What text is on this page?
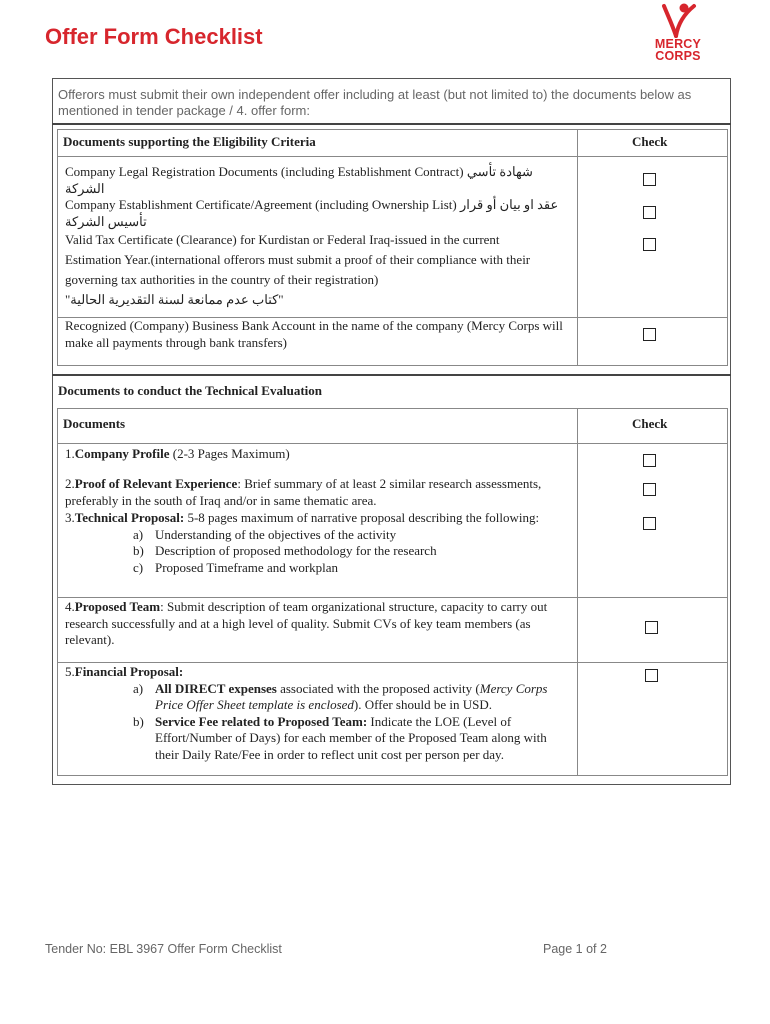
Offer Form Checklist	MERCY
CORPS
Offerors must submit their own independent offer including at least (but not limited to) the documents below as mentioned in tender package / 4. offer form:
Documents supporting the Eligibility Criteria	Check
Company Legal Registration Documents (including Establishment Contract) شهادة تأسي الشركة
Company Establishment Certificate/Agreement (including Ownership List) عقد او بيان أو قرار تأسيس الشركة
Valid Tax Certificate (Clearance) for Kurdistan or Federal Iraq-issued in the current
Estimation Year.(international offerors must submit a proof of their compliance with their
governing tax authorities in the country of their registration)
"كتاب عدم ممانعة لسنة التقديرية الحالية"
Recognized (Company) Business Bank Account in the name of the company (Mercy Corps will make all payments through bank transfers)
Documents to conduct the Technical Evaluation
Documents	Check
1.Company Profile (2-3 Pages Maximum)
2.Proof of Relevant Experience: Brief summary of at least 2 similar research assessments, preferably in the south of Iraq and/or in same thematic area.
3.Technical Proposal: 5-8 pages maximum of narrative proposal describing the following:
a) Understanding of the objectives of the activity
b) Description of proposed methodology for the research
c) Proposed Timeframe and workplan
4.Proposed Team: Submit description of team organizational structure, capacity to carry out research successfully and at a high level of quality. Submit CVs of key team members (as relevant).
5.Financial Proposal:
a) All DIRECT expenses associated with the proposed activity (Mercy Corps Price Offer Sheet template is enclosed). Offer should be in USD.
b) Service Fee related to Proposed Team: Indicate the LOE (Level of Effort/Number of Days) for each member of the Proposed Team along with their Daily Rate/Fee in order to reflect unit cost per person per day.
Tender No: EBL 3967 Offer Form Checklist	Page 1 of 2
